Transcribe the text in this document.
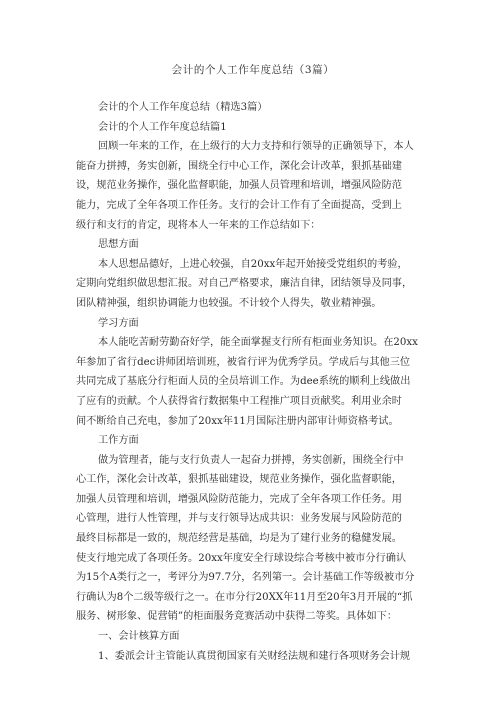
会计的个人工作年度总结（3篇）

会计的个人工作年度总结（精选3篇）

会计的个人工作年度总结篇1

回顾一年来的工作，在上级行的大力支持和行领导的正确领导下，本人

能奋力拼搏，务实创新，围绕全行中心工作，深化会计改革，狠抓基础建

设，规范业务操作，强化监督职能，加强人员管理和培训，增强风险防范

能力，完成了全年各项工作任务。支行的会计工作有了全面提高，受到上

级行和支行的肯定，现将本人一年来的工作总结如下：

思想方面

本人思想品德好，上进心较强，自20xx年起开始接受党组织的考验，

定期向党组织做思想汇报。对自己严格要求，廉洁自律，团结领导及同事，

团队精神强，组织协调能力也较强。不计较个人得失，敬业精神强。

学习方面

本人能吃苦耐劳勤奋好学，能全面掌握支行所有柜面业务知识。在20xx

年参加了省行dec讲师团培训班，被省行评为优秀学员。学成后与其他三位

共同完成了基底分行柜面人员的全员培训工作。为dee系统的顺利上线做出

了应有的贡献。个人获得省行数据集中工程推广项目贡献奖。利用业余时

间不断给自己充电，参加了20xx年11月国际注册内部审计师资格考试。

工作方面

做为管理者，能与支行负责人一起奋力拼搏，务实创新，围绕全行中

心工作，深化会计改革，狠抓基础建设，规范业务操作，强化监督职能，

加强人员管理和培训，增强风险防范能力，完成了全年各项工作任务。用

心管理，进行人性管理，并与支行领导达成共识：业务发展与风险防范的

最终目标都是一致的，规范经营是基础，均是为了建行业务的稳健发展。

使支行地完成了各项任务。20xx年度安全行球设综合考核中被市分行确认

为15个A类行之一，考评分为97.7分，名列第一。会计基础工作等级被市分

行确认为8个二级等级行之一。在市分行20XX年11月至20年3月开展的“抓

服务、树形象、促营销”的柜面服务竞赛活动中获得二等奖。具体如下：

一、会计核算方面

1、委派会计主管能认真贯彻国家有关财经法规和建行各项财务会计规
